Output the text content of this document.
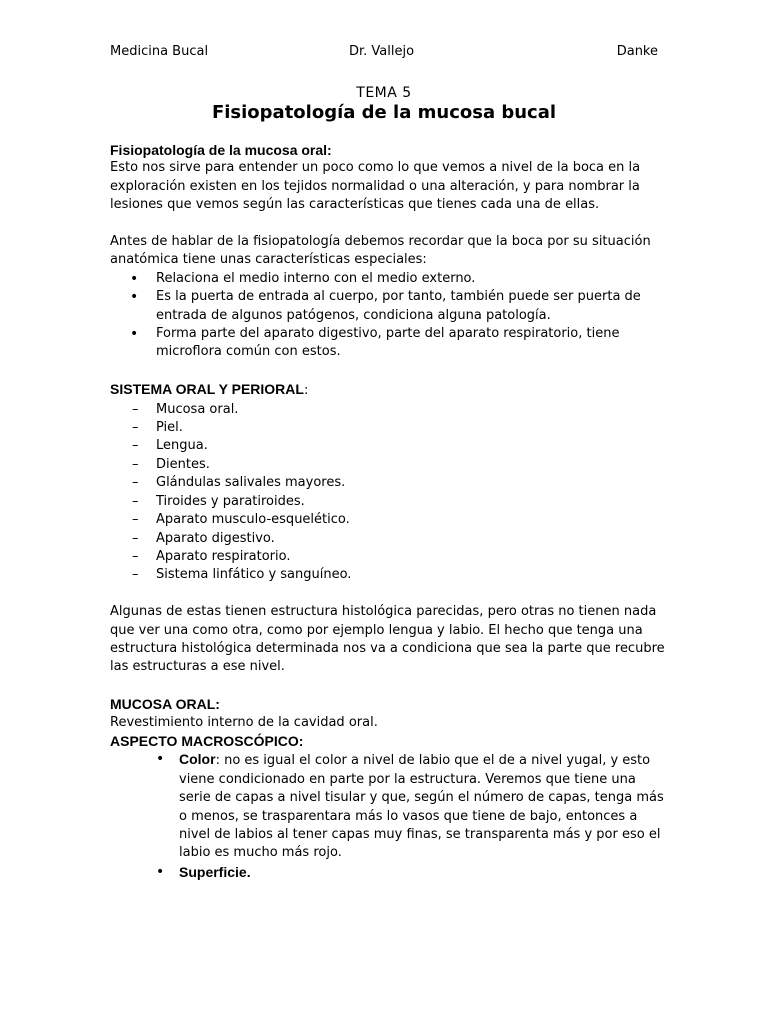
Medicina Bucal	Dr. Vallejo	Danke
TEMA 5
Fisiopatología de la mucosa bucal

Fisiopatología de la mucosa oral:

Esto nos sirve para entender un poco como lo que vemos a nivel de la boca en la exploración existen en los tejidos normalidad o una alteración, y para nombrar la lesiones que vemos según las características que tienes cada una de ellas.

Antes de hablar de la fisiopatología debemos recordar que la boca por su situación anatómica tiene unas características especiales:

• Relaciona el medio interno con el medio externo.
• Es la puerta de entrada al cuerpo, por tanto, también puede ser puerta de entrada de algunos patógenos, condiciona alguna patología.
• Forma parte del aparato digestivo, parte del aparato respiratorio, tiene microflora común con estos.

SISTEMA ORAL Y PERIORAL:

– Mucosa oral.
– Piel.
– Lengua.
– Dientes.
– Glándulas salivales mayores.
– Tiroides y paratiroides.
– Aparato musculo-esquelético.
– Aparato digestivo.
– Aparato respiratorio.
– Sistema linfático y sanguíneo.

Algunas de estas tienen estructura histológica parecidas, pero otras no tienen nada que ver una como otra, como por ejemplo lengua y labio. El hecho que tenga una estructura histológica determinada nos va a condiciona que sea la parte que recubre las estructuras a ese nivel.

MUCOSA ORAL:

Revestimiento interno de la cavidad oral.

ASPECTO MACROSCÓPICO:

• Color: no es igual el color a nivel de labio que el de a nivel yugal, y esto viene condicionado en parte por la estructura. Veremos que tiene una serie de capas a nivel tisular y que, según el número de capas, tenga más o menos, se trasparentara más lo vasos que tiene de bajo, entonces a nivel de labios al tener capas muy finas, se transparenta más y por eso el labio es mucho más rojo.
• Superficie.
